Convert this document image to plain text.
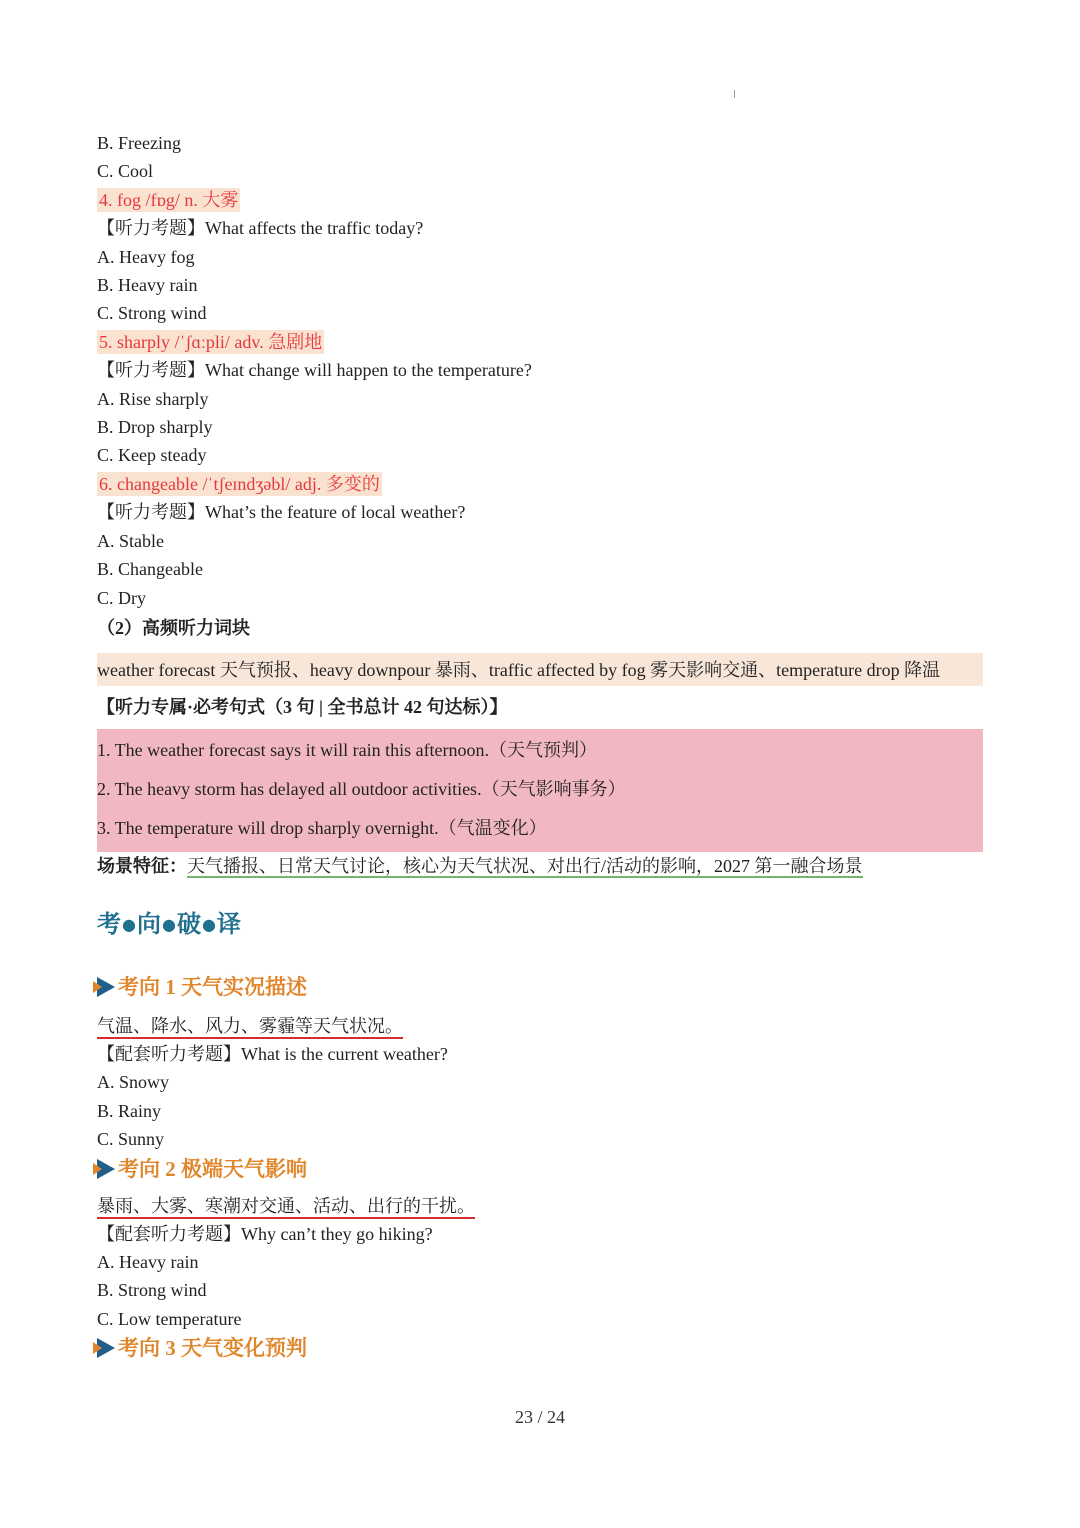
B. Freezing
C. Cool
4. fog /fɒg/ n. 大雾
【听力考题】What affects the traffic today?
A. Heavy fog
B. Heavy rain
C. Strong wind
5. sharply /ˈʃɑːpli/ adv. 急剧地
【听力考题】What change will happen to the temperature?
A. Rise sharply
B. Drop sharply
C. Keep steady
6. changeable /ˈtʃeɪndʒəbl/ adj. 多变的
【听力考题】What’s the feature of local weather?
A. Stable
B. Changeable
C. Dry
（2）高频听力词块
weather forecast 天气预报、heavy downpour 暴雨、traffic affected by fog 雾天影响交通、temperature drop 降温
【听力专属·必考句式（3 句 | 全书总计 42 句达标）】
1. The weather forecast says it will rain this afternoon.（天气预判）
2. The heavy storm has delayed all outdoor activities.（天气影响事务）
3. The temperature will drop sharply overnight.（气温变化）
场景特征：天气播报、日常天气讨论，核心为天气状况、对出行/活动的影响，2027 第一融合场景
考●向●破●译
考向 1 天气实况描述
气温、降水、风力、雾霾等天气状况。
【配套听力考题】What is the current weather?
A. Snowy
B. Rainy
C. Sunny
考向 2 极端天气影响
暴雨、大雾、寒潮对交通、活动、出行的干扰。
【配套听力考题】Why can’t they go hiking?
A. Heavy rain
B. Strong wind
C. Low temperature
考向 3 天气变化预判
23 / 24
